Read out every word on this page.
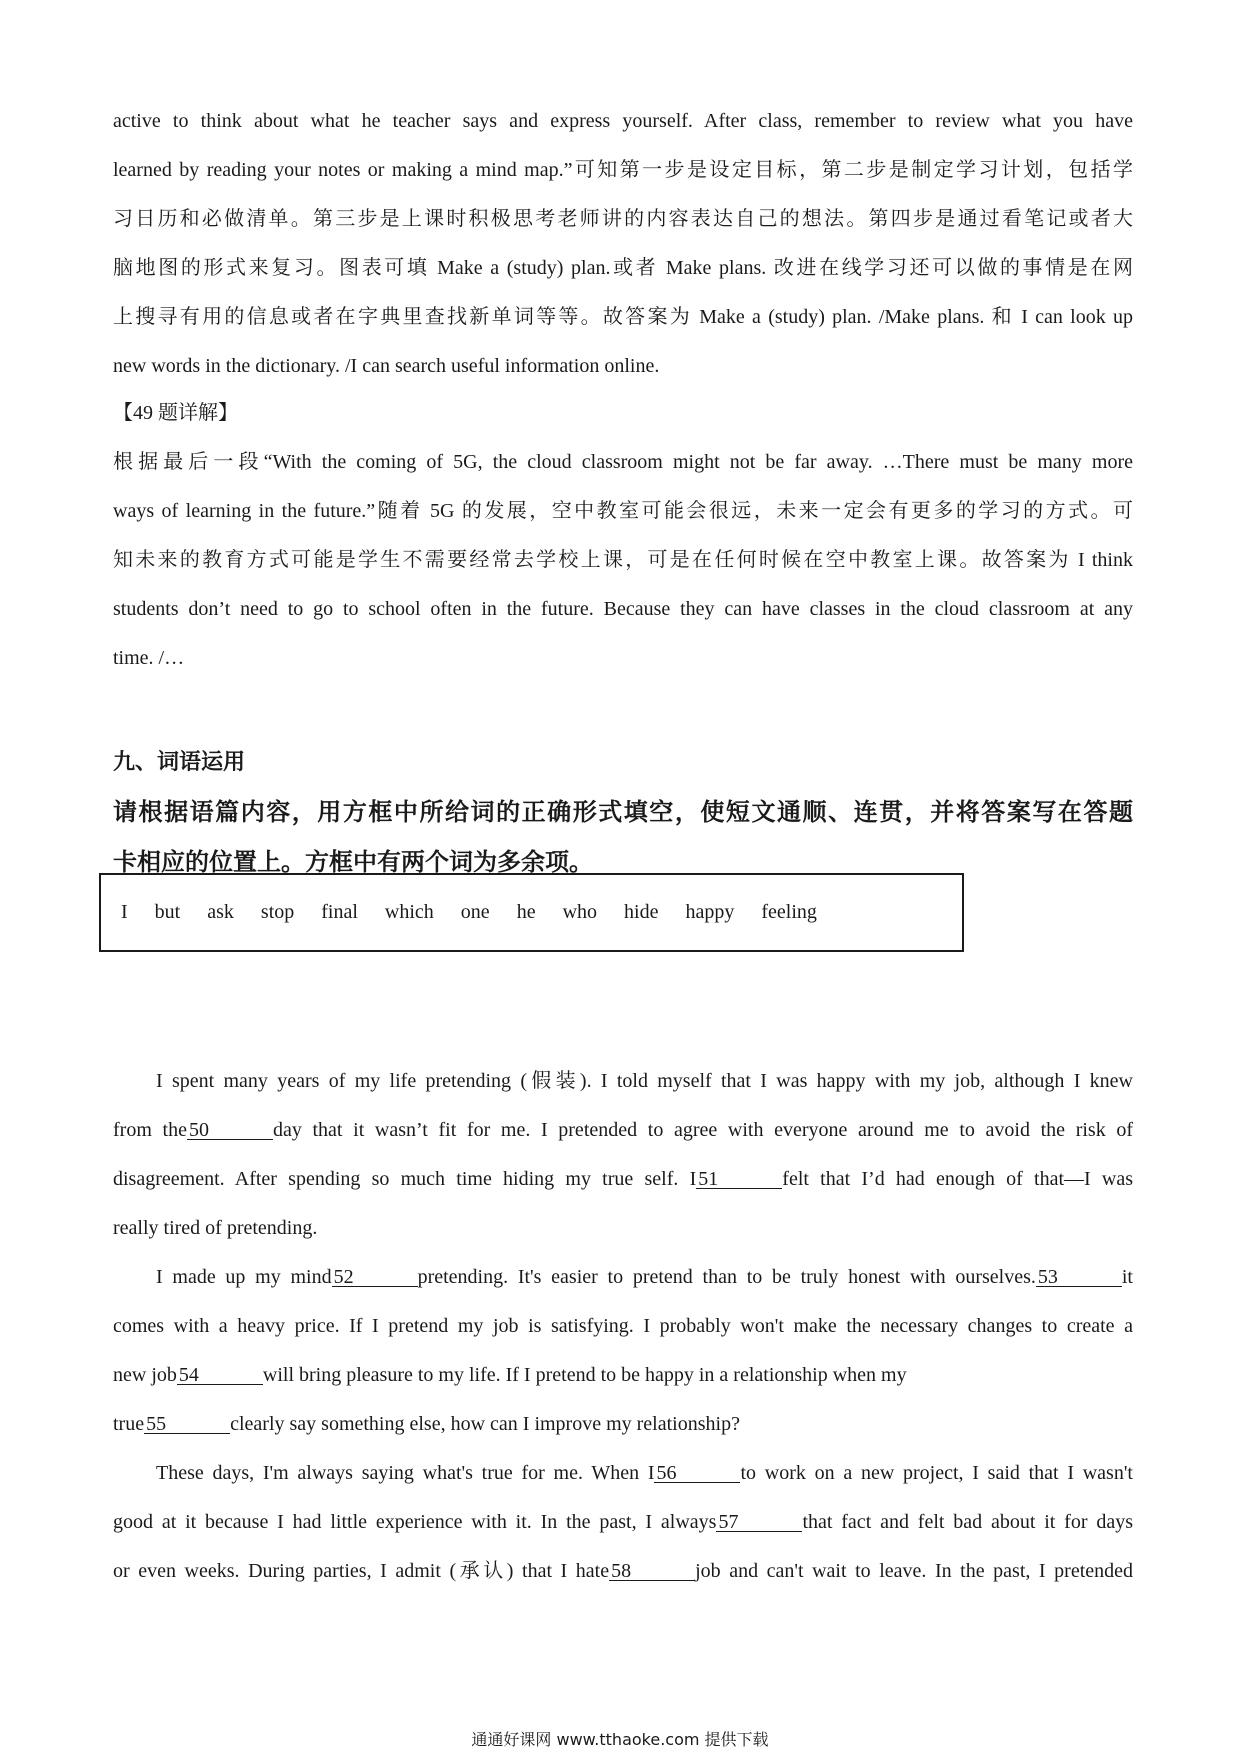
active to think about what he teacher says and express yourself. After class, remember to review what you have
learned by reading your notes or making a mind map.”可知第一步是设定目标，第二步是制定学习计划，包括学
习日历和必做清单。第三步是上课时积极思考老师讲的内容表达自己的想法。第四步是通过看笔记或者大
脑地图的形式来复习。图表可填 Make a (study) plan.或者 Make plans. 改进在线学习还可以做的事情是在网
上搜寻有用的信息或者在字典里查找新单词等等。故答案为 Make a (study) plan. /Make plans. 和 I can look up
new words in the dictionary. /I can search useful information online.
【49 题详解】
根据最后一段“With the coming of 5G, the cloud classroom might not be far away. …There must be many more
ways of learning in the future.”随着 5G 的发展，空中教室可能会很远，未来一定会有更多的学习的方式。可
知未来的教育方式可能是学生不需要经常去学校上课，可是在任何时候在空中教室上课。故答案为 I think
students don’t need to go to school often in the future. Because they can have classes in the cloud classroom at any
time. /…
九、词语运用
请根据语篇内容，用方框中所给词的正确形式填空，使短文通顺、连贯，并将答案写在答题
卡相应的位置上。方框中有两个词为多余项。
I but ask stop final which one he who hide happy feeling
I spent many years of my life pretending (假装). I told myself that I was happy with my job, although I knew
from the 50	day that it wasn’t fit for me. I pretended to agree with everyone around me to avoid the risk of
disagreement. After spending so much time hiding my true self. I 51	felt that I’d had enough of that—I was
really tired of pretending.
I made up my mind 52	pretending. It's easier to pretend than to be truly honest with ourselves. 53	it
comes with a heavy price. If I pretend my job is satisfying. I probably won't make the necessary changes to create a
new job 54	will bring pleasure to my life. If I pretend to be happy in a relationship when my
true 55	clearly say something else, how can I improve my relationship?
These days, I'm always saying what's true for me. When I 56	to work on a new project, I said that I wasn't
good at it because I had little experience with it. In the past, I always 57	that fact and felt bad about it for days
or even weeks. During parties, I admit (承认) that I hate 58	job and can't wait to leave. In the past, I pretended
通通好课网 www.tthaoke.com 提供下载
